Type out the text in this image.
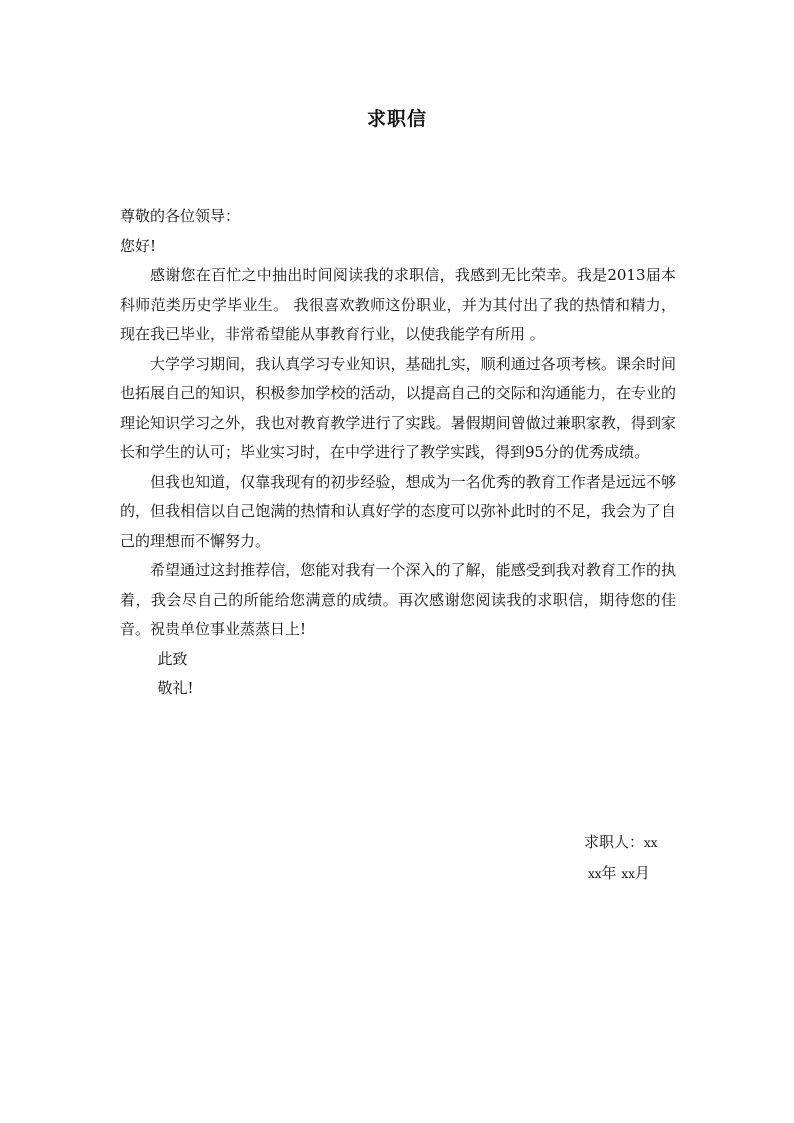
求职信
尊敬的各位领导：
您好!
感谢您在百忙之中抽出时间阅读我的求职信，我感到无比荣幸。我是2013届本科师范类历史学毕业生。 我很喜欢教师这份职业，并为其付出了我的热情和精力，现在我已毕业，非常希望能从事教育行业，以使我能学有所用 。
大学学习期间，我认真学习专业知识，基础扎实，顺利通过各项考核。课余时间也拓展自己的知识，积极参加学校的活动，以提高自己的交际和沟通能力，在专业的理论知识学习之外，我也对教育教学进行了实践。暑假期间曾做过兼职家教，得到家长和学生的认可；毕业实习时，在中学进行了教学实践，得到95分的优秀成绩。
但我也知道，仅靠我现有的初步经验，想成为一名优秀的教育工作者是远远不够的，但我相信以自己饱满的热情和认真好学的态度可以弥补此时的不足，我会为了自己的理想而不懈努力。
希望通过这封推荐信，您能对我有一个深入的了解，能感受到我对教育工作的执着，我会尽自己的所能给您满意的成绩。再次感谢您阅读我的求职信，期待您的佳音。祝贵单位事业蒸蒸日上!
此致
敬礼!
求职人：xx
xx年 xx月
